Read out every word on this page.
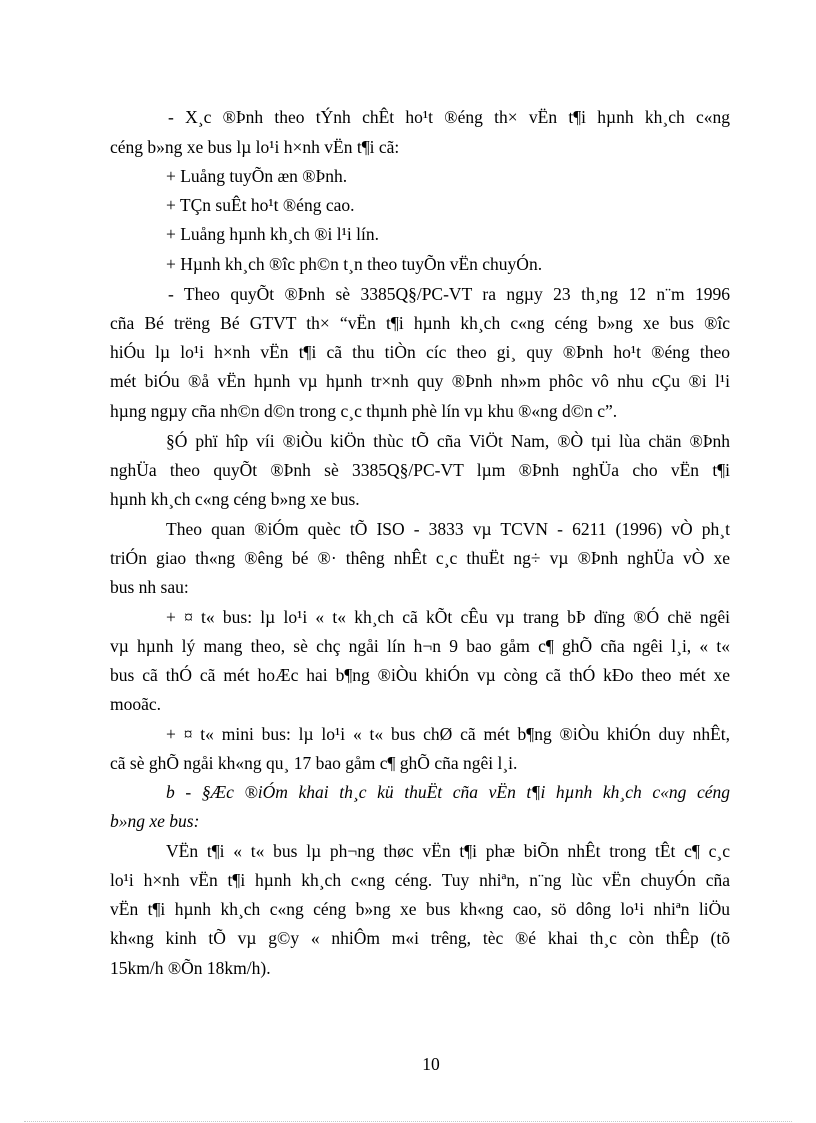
- X¸c ®Þnh theo tÝnh chÊt ho¹t ®éng th× vËn t¶i hµnh kh¸ch c«ng
céng b»ng xe bus lµ lo¹i h×nh vËn t¶i cã:
+ Luång tuyÕn æn ®Þnh.
+ TÇn suÊt ho¹t ®éng cao.
+ Luång hµnh kh¸ch ®i l¹i lín.
+ Hµnh kh¸ch ®îc ph©n t¸n theo tuyÕn vËn chuyÓn.
- Theo quyÕt ®Þnh sè 3385Q§/PC-VT ra ngµy 23 th¸ng 12 n¨m 1996
cña Bé trëng Bé GTVT th× “vËn t¶i hµnh kh¸ch c«ng céng b»ng xe bus ®îc
hiÓu lµ lo¹i h×nh vËn t¶i cã thu tiÒn cíc theo gi¸ quy ®Þnh ho¹t ®éng theo
mét biÓu ®å vËn hµnh vµ hµnh tr×nh quy ®Þnh nh»m phôc vô nhu cÇu ®i l¹i
hµng ngµy cña nh©n d©n trong c¸c thµnh phè lín vµ khu ®«ng d©n c”.
§Ó phï hîp víi ®iÒu kiÖn thùc tÕ cña ViÖt Nam, ®Ò tµi lùa chän ®Þnh
nghÜa theo quyÕt ®Þnh sè 3385Q§/PC-VT lµm ®Þnh nghÜa cho vËn t¶i
hµnh kh¸ch c«ng céng b»ng xe bus.
Theo quan ®iÓm quèc tÕ ISO - 3833 vµ TCVN - 6211 (1996) vÒ ph¸t
triÓn giao th«ng ®êng bé ®· thêng nhÊt c¸c thuËt ng÷ vµ ®Þnh nghÜa vÒ xe
bus nh sau:
+ ¤ t« bus: lµ lo¹i « t« kh¸ch cã kÕt cÊu vµ trang bÞ dïng ®Ó chë ngêi
vµ hµnh lý mang theo, sè chç ngåi lín h¬n 9 bao gåm c¶ ghÕ cña ngêi l¸i, « t«
bus cã thÓ cã mét hoÆc hai b¶ng ®iÒu khiÓn vµ còng cã thÓ kÐo theo mét xe
mooãc.
+ ¤ t« mini bus: lµ lo¹i « t« bus chØ cã mét b¶ng ®iÒu khiÓn duy nhÊt,
cã sè ghÕ ngåi kh«ng qu¸ 17 bao gåm c¶ ghÕ cña ngêi l¸i.
b - §Æc ®iÓm khai th¸c kü thuËt cña vËn t¶i hµnh kh¸ch c«ng céng
b»ng xe bus:
VËn t¶i « t« bus lµ ph¬ng thøc vËn t¶i phæ biÕn nhÊt trong tÊt c¶ c¸c
lo¹i h×nh vËn t¶i hµnh kh¸ch c«ng céng. Tuy nhiªn, n¨ng lùc vËn chuyÓn cña
vËn t¶i hµnh kh¸ch c«ng céng b»ng xe bus kh«ng cao, sö dông lo¹i nhiªn liÖu
kh«ng kinh tÕ vµ g©y « nhiÔm m«i trêng, tèc ®é khai th¸c còn thÊp (tõ
15km/h ®Õn 18km/h).
10
